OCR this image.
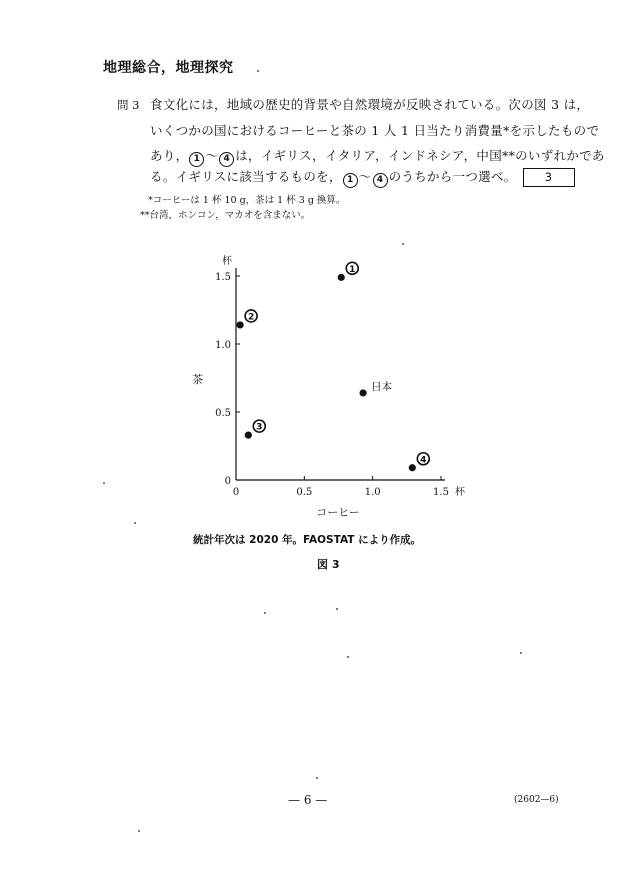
地理総合，地理探究
問 3 食文化には，地域の歴史的背景や自然環境が反映されている。次の図 3 は，
いくつかの国におけるコーヒーと茶の 1 人 1 日当たり消費量*を示したもので
あり， 1 ～ 4 は，イギリス，イタリア，インドネシア，中国**のいずれかであ
る。イギリスに該当するものを， 1 ～ 4 のうちから一つ選べ。 3
*コーヒーは 1 杯 10 g，茶は 1 杯 3 g 換算。
**台湾，ホンコン，マカオを含まない。
0
0.5
1.0
1.5
0	0.5	1.0	1.5
1
2
日本
3
4
杯
杯
茶
コーヒー
統計年次は 2020 年。FAOSTAT により作成。
図 3
— 6 —	(2602—6)
